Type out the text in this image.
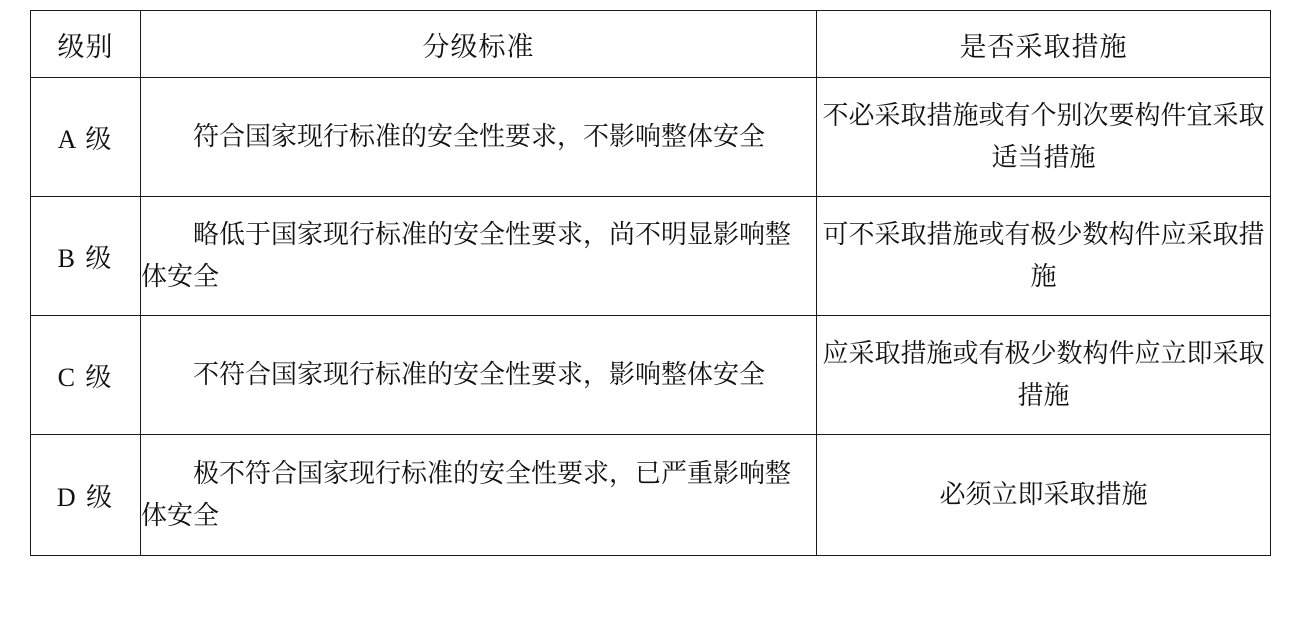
级别	分级标准	是否采取措施

A 级	符合国家现行标准的安全性要求，不影响整体安全	不必采取措施或有个别次要构件宜采取适当措施

B 级	略低于国家现行标准的安全性要求，尚不明显影响整体安全	可不采取措施或有极少数构件应采取措施

C 级	不符合国家现行标准的安全性要求，影响整体安全	应采取措施或有极少数构件应立即采取措施

D 级	极不符合国家现行标准的安全性要求，已严重影响整体安全	必须立即采取措施
